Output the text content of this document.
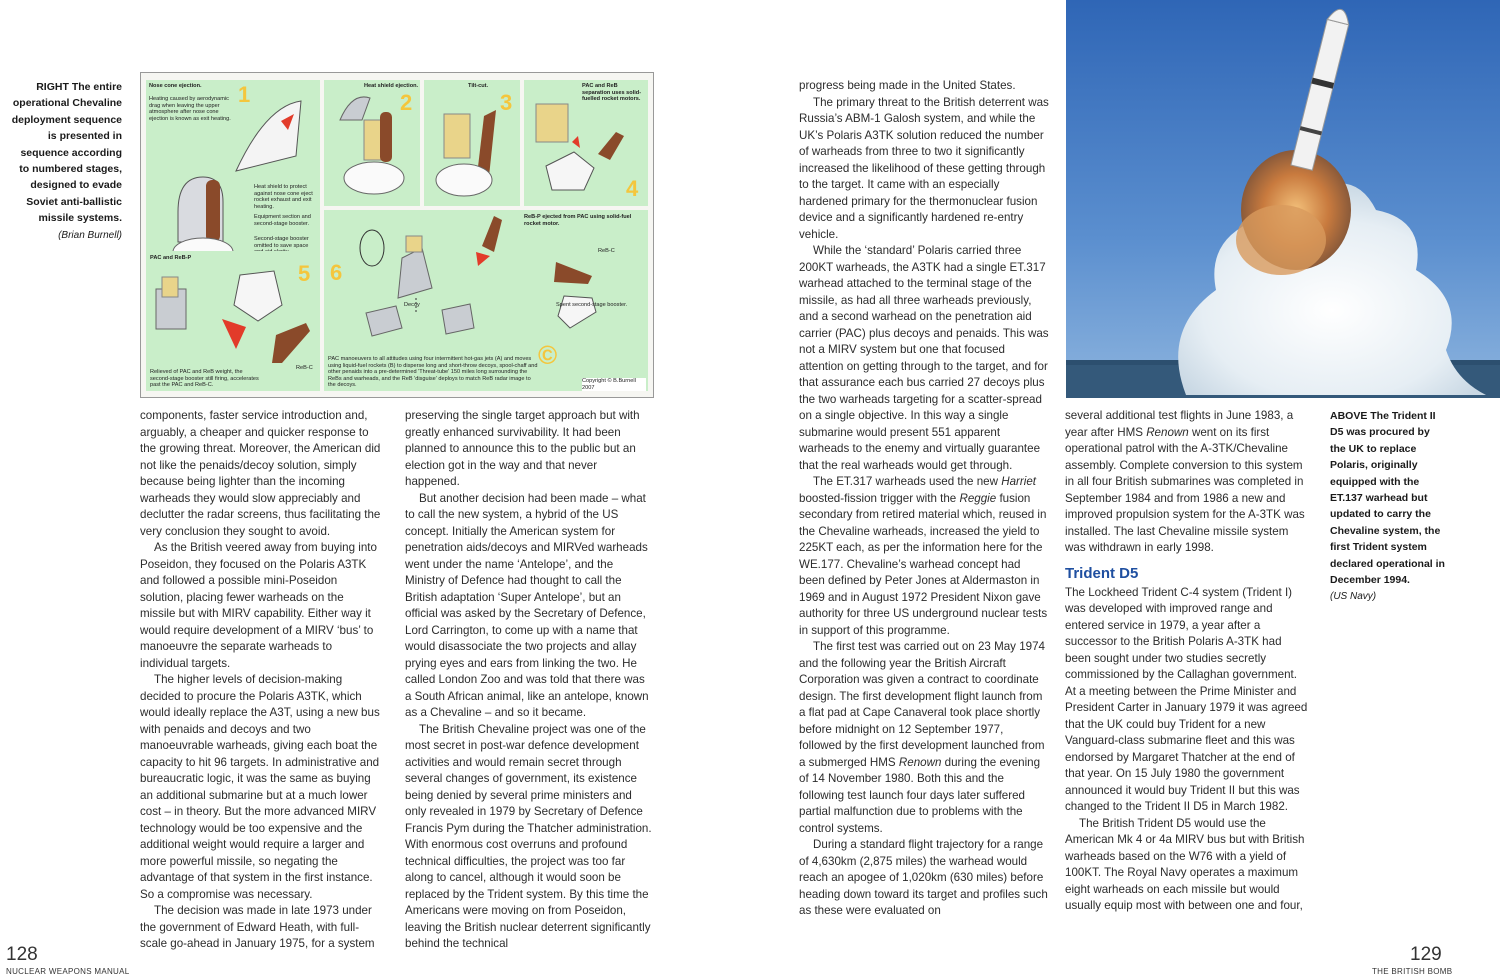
RIGHT The entire operational Chevaline deployment sequence is presented in sequence according to numbered stages, designed to evade Soviet anti-ballistic missile systems.
(Brian Burnell)
Nose cone ejection.
Heating caused by aerodynamic drag when leaving the upper atmosphere after nose cone ejection is known as exit heating.
1
Heat shield to protect against nose cone eject rocket exhaust and exit heating.
Equipment section and second-stage booster.
Second-stage booster omitted to save space
Heat shield ejection.
2
Tilt-cut.
3
PAC and ReB separation uses solid-fuelled rocket motors.
4
PAC and ReB-P
5
Relieved of PAC and ReB weight, the second-stage booster still firing, accelerates past the PAC and ReB-C.
ReB-C
ReB-P ejected from PAC using solid-fuel rocket motor.
6
Decoy
ReB-C
Spent second-stage booster.
PAC manoeuvers to all attitudes using four intermittent hot-gas jets (A) and moves using liquid-fuel rockets (B) to disperse long and short-throw decoys, spool-chaff and other penaids into a pre-determined 'Threat-tube' 150 miles long surrounding the ReBs and warheads, and the ReB 'disguise' deploys to match ReB radar image to the decoys.
©
Copyright © B.Burnell 2007

components, faster service introduction and, arguably, a cheaper and quicker response to the growing threat. Moreover, the American did not like the penaids/decoy solution, simply because being lighter than the incoming warheads they would slow appreciably and declutter the radar screens, thus facilitating the very conclusion they sought to avoid.

As the British veered away from buying into Poseidon, they focused on the Polaris A3TK and followed a possible mini-Poseidon solution, placing fewer warheads on the missile but with MIRV capability. Either way it would require development of a MIRV ‘bus’ to manoeuvre the separate warheads to individual targets.

The higher levels of decision-making decided to procure the Polaris A3TK, which would ideally replace the A3T, using a new bus with penaids and decoys and two manoeuvrable warheads, giving each boat the capacity to hit 96 targets. In administrative and bureaucratic logic, it was the same as buying an additional submarine but at a much lower cost – in theory. But the more advanced MIRV technology would be too expensive and the additional weight would require a larger and more powerful missile, so negating the advantage of that system in the first instance. So a compromise was necessary.

The decision was made in late 1973 under the government of Edward Heath, with full-scale go-ahead in January 1975, for a system

preserving the single target approach but with greatly enhanced survivability. It had been planned to announce this to the public but an election got in the way and that never happened.

But another decision had been made – what to call the new system, a hybrid of the US concept. Initially the American system for penetration aids/decoys and MIRVed warheads went under the name ‘Antelope’, and the Ministry of Defence had thought to call the British adaptation ‘Super Antelope’, but an official was asked by the Secretary of Defence, Lord Carrington, to come up with a name that would disassociate the two projects and allay prying eyes and ears from linking the two. He called London Zoo and was told that there was a South African animal, like an antelope, known as a Chevaline – and so it became.

The British Chevaline project was one of the most secret in post-war defence development activities and would remain secret through several changes of government, its existence being denied by several prime ministers and only revealed in 1979 by Secretary of Defence Francis Pym during the Thatcher administration. With enormous cost overruns and profound technical difficulties, the project was too far along to cancel, although it would soon be replaced by the Trident system. By this time the Americans were moving on from Poseidon, leaving the British nuclear deterrent significantly behind the technical

128
NUCLEAR WEAPONS MANUAL

progress being made in the United States.

The primary threat to the British deterrent was Russia’s ABM-1 Galosh system, and while the UK’s Polaris A3TK solution reduced the number of warheads from three to two it significantly increased the likelihood of these getting through to the target. It came with an especially hardened primary for the thermonuclear fusion device and a significantly hardened re-entry vehicle.

While the ‘standard’ Polaris carried three 200KT warheads, the A3TK had a single ET.317 warhead attached to the terminal stage of the missile, as had all three warheads previously, and a second warhead on the penetration aid carrier (PAC) plus decoys and penaids. This was not a MIRV system but one that focused attention on getting through to the target, and for that assurance each bus carried 27 decoys plus the two warheads targeting for a scatter-spread on a single objective. In this way a single submarine would present 551 apparent warheads to the enemy and virtually guarantee that the real warheads would get through.

The ET.317 warheads used the new Harriet boosted-fission trigger with the Reggie fusion secondary from retired material which, reused in the Chevaline warheads, increased the yield to 225KT each, as per the information here for the WE.177. Chevaline’s warhead concept had been defined by Peter Jones at Aldermaston in 1969 and in August 1972 President Nixon gave authority for three US underground nuclear tests in support of this programme.

The first test was carried out on 23 May 1974 and the following year the British Aircraft Corporation was given a contract to coordinate design. The first development flight launch from a flat pad at Cape Canaveral took place shortly before midnight on 12 September 1977, followed by the first development launched from a submerged HMS Renown during the evening of 14 November 1980. Both this and the following test launch four days later suffered partial malfunction due to problems with the control systems.

During a standard flight trajectory for a range of 4,630km (2,875 miles) the warhead would reach an apogee of 1,020km (630 miles) before heading down toward its target and profiles such as these were evaluated on

several additional test flights in June 1983, a year after HMS Renown went on its first operational patrol with the A-3TK/Chevaline assembly. Complete conversion to this system in all four British submarines was completed in September 1984 and from 1986 a new and improved propulsion system for the A-3TK was installed. The last Chevaline missile system was withdrawn in early 1998.

Trident D5

The Lockheed Trident C-4 system (Trident I) was developed with improved range and entered service in 1979, a year after a successor to the British Polaris A-3TK had been sought under two studies secretly commissioned by the Callaghan government. At a meeting between the Prime Minister and President Carter in January 1979 it was agreed that the UK could buy Trident for a new Vanguard-class submarine fleet and this was endorsed by Margaret Thatcher at the end of that year. On 15 July 1980 the government announced it would buy Trident II but this was changed to the Trident II D5 in March 1982.

The British Trident D5 would use the American Mk 4 or 4a MIRV bus but with British warheads based on the W76 with a yield of 100KT. The Royal Navy operates a maximum eight warheads on each missile but would usually equip most with between one and four,

ABOVE The Trident II D5 was procured by the UK to replace Polaris, originally equipped with the ET.137 warhead but updated to carry the Chevaline system, the first Trident system declared operational in December 1994.
(US Navy)
129
THE BRITISH BOMB
